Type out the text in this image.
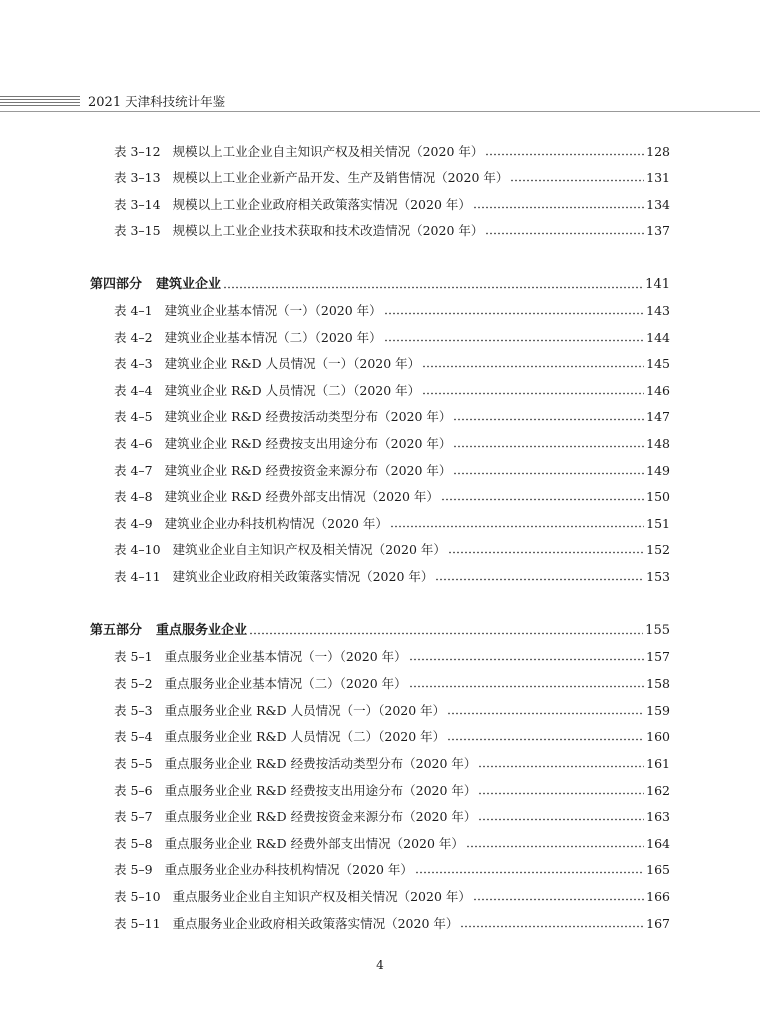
2021 天津科技统计年鉴
表 3–12 规模以上工业企业自主知识产权及相关情况（2020 年）	128
表 3–13 规模以上工业企业新产品开发、生产及销售情况（2020 年）	131
表 3–14 规模以上工业企业政府相关政策落实情况（2020 年）	134
表 3–15 规模以上工业企业技术获取和技术改造情况（2020 年）	137
第四部分 建筑业企业	141
表 4–1 建筑业企业基本情况（一）（2020 年）	143
表 4–2 建筑业企业基本情况（二）（2020 年）	144
表 4–3 建筑业企业 R&D 人员情况（一）（2020 年）	145
表 4–4 建筑业企业 R&D 人员情况（二）（2020 年）	146
表 4–5 建筑业企业 R&D 经费按活动类型分布（2020 年）	147
表 4–6 建筑业企业 R&D 经费按支出用途分布（2020 年）	148
表 4–7 建筑业企业 R&D 经费按资金来源分布（2020 年）	149
表 4–8 建筑业企业 R&D 经费外部支出情况（2020 年）	150
表 4–9 建筑业企业办科技机构情况（2020 年）	151
表 4–10 建筑业企业自主知识产权及相关情况（2020 年）	152
表 4–11 建筑业企业政府相关政策落实情况（2020 年）	153
第五部分 重点服务业企业	155
表 5–1 重点服务业企业基本情况（一）（2020 年）	157
表 5–2 重点服务业企业基本情况（二）（2020 年）	158
表 5–3 重点服务业企业 R&D 人员情况（一）（2020 年）	159
表 5–4 重点服务业企业 R&D 人员情况（二）（2020 年）	160
表 5–5 重点服务业企业 R&D 经费按活动类型分布（2020 年）	161
表 5–6 重点服务业企业 R&D 经费按支出用途分布（2020 年）	162
表 5–7 重点服务业企业 R&D 经费按资金来源分布（2020 年）	163
表 5–8 重点服务业企业 R&D 经费外部支出情况（2020 年）	164
表 5–9 重点服务业企业办科技机构情况（2020 年）	165
表 5–10 重点服务业企业自主知识产权及相关情况（2020 年）	166
表 5–11 重点服务业企业政府相关政策落实情况（2020 年）	167
4
